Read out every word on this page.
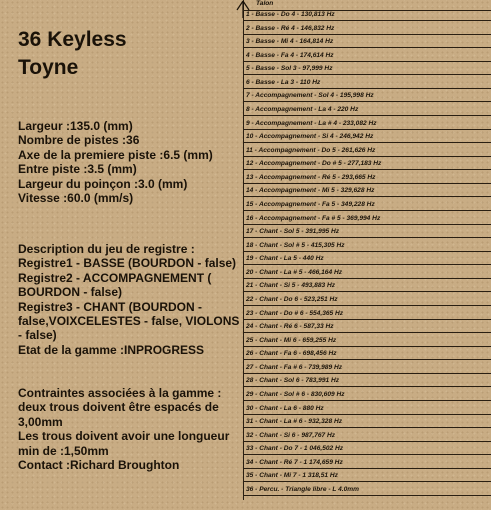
36 Keyless
Toyne
Largeur :135.0 (mm)
Nombre de pistes :36
Axe de la premiere piste :6.5 (mm)
Entre piste :3.5 (mm)
Largeur du poinçon :3.0 (mm)
Vitesse :60.0 (mm/s)
Description du jeu de registre :
Registre1 - BASSE (BOURDON - false)
Registre2 - ACCOMPAGNEMENT ( BOURDON - false)
Registre3 - CHANT (BOURDON - false,VOIXCELESTES - false, VIOLONS - false)
Etat de la gamme :INPROGRESS
Contraintes associées à la gamme :
deux trous doivent être espacés de 3,00mm
Les trous doivent avoir une longueur min de :1,50mm
Contact :Richard Broughton
Talon
1 - Basse - Do 4 - 130,813 Hz
2 - Basse - Ré 4 - 146,832 Hz
3 - Basse - Mi 4 - 164,814 Hz
4 - Basse - Fa 4 - 174,614 Hz
5 - Basse - Sol 3 - 97,999 Hz
6 - Basse - La 3 - 110 Hz
7 - Accompagnement - Sol 4 - 195,998 Hz
8 - Accompagnement - La 4 - 220 Hz
9 - Accompagnement - La # 4 - 233,082 Hz
10 - Accompagnement - Si 4 - 246,942 Hz
11 - Accompagnement - Do 5 - 261,626 Hz
12 - Accompagnement - Do # 5 - 277,183 Hz
13 - Accompagnement - Ré 5 - 293,665 Hz
14 - Accompagnement - Mi 5 - 329,628 Hz
15 - Accompagnement - Fa 5 - 349,228 Hz
16 - Accompagnement - Fa # 5 - 369,994 Hz
17 - Chant - Sol 5 - 391,995 Hz
18 - Chant - Sol # 5 - 415,305 Hz
19 - Chant - La 5 - 440 Hz
20 - Chant - La # 5 - 466,164 Hz
21 - Chant - Si 5 - 493,883 Hz
22 - Chant - Do 6 - 523,251 Hz
23 - Chant - Do # 6 - 554,365 Hz
24 - Chant - Ré 6 - 587,33 Hz
25 - Chant - Mi 6 - 659,255 Hz
26 - Chant - Fa 6 - 698,456 Hz
27 - Chant - Fa # 6 - 739,989 Hz
28 - Chant - Sol 6 - 783,991 Hz
29 - Chant - Sol # 6 - 830,609 Hz
30 - Chant - La 6 - 880 Hz
31 - Chant - La # 6 - 932,328 Hz
32 - Chant - Si 6 - 987,767 Hz
33 - Chant - Do 7 - 1 046,502 Hz
34 - Chant - Ré 7 - 1 174,659 Hz
35 - Chant - Mi 7 - 1 318,51 Hz
36 - Percu. - Triangle libre - L 4.0mm
